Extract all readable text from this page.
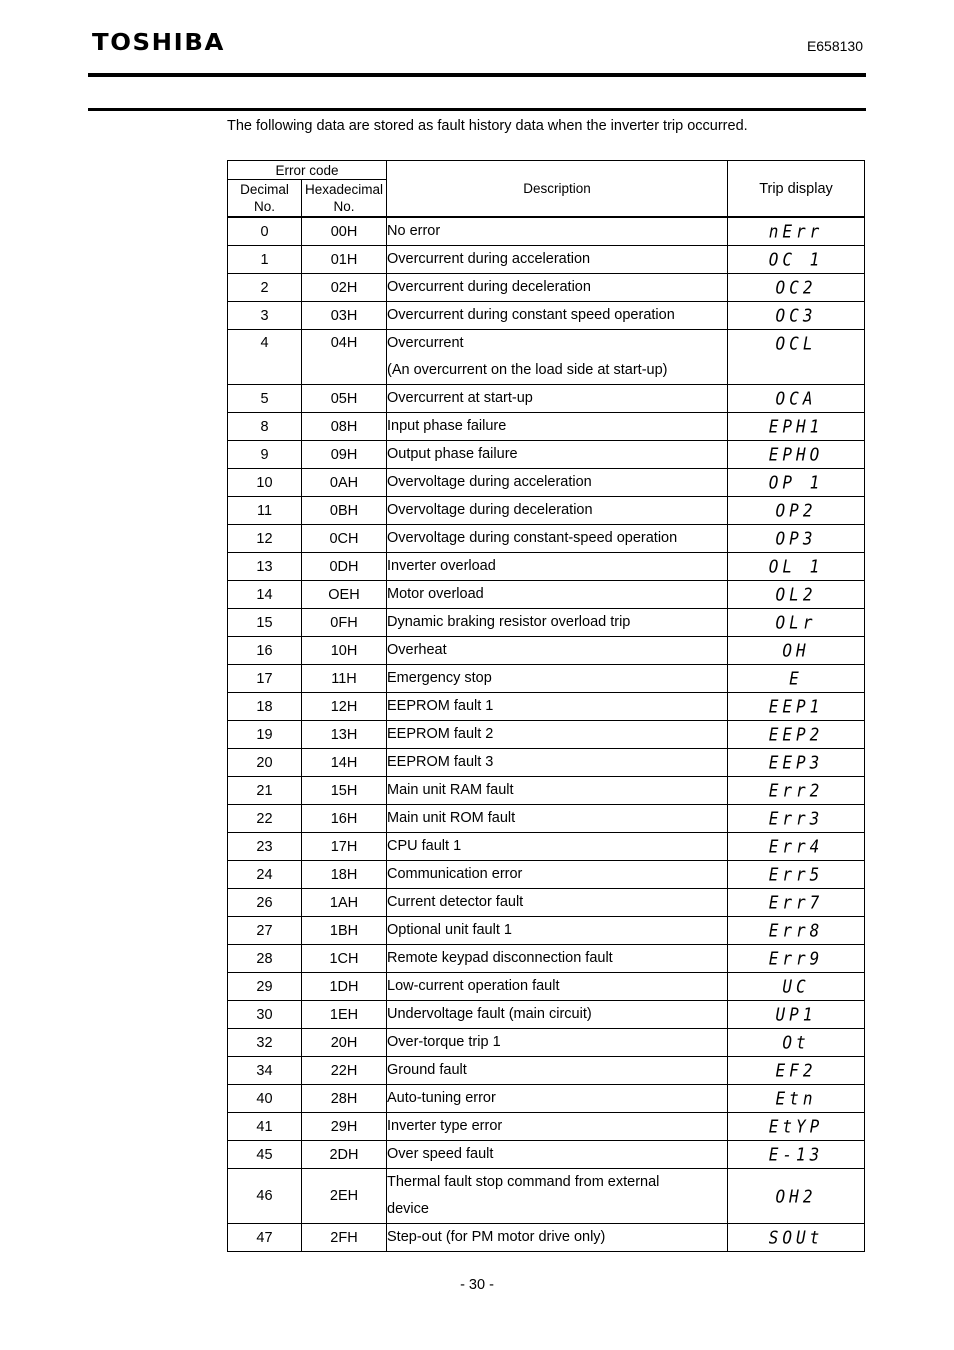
TOSHIBA	E658130
The following data are stored as fault history data when the inverter trip occurred.
Error code		Description	Trip display
Decimal No.	Hexadecimal No.		
0	00H	No error	nErr
1	01H	Overcurrent during acceleration	OC 1
2	02H	Overcurrent during deceleration	OC2
3	03H	Overcurrent during constant speed operation	OC3
4	04H	Overcurrent
(An overcurrent on the load side at start-up)	OCL
5	05H	Overcurrent at start-up	OCA
8	08H	Input phase failure	EPH1
9	09H	Output phase failure	EPHO
10	0AH	Overvoltage during acceleration	OP 1
11	0BH	Overvoltage during deceleration	OP2
12	0CH	Overvoltage during constant-speed operation	OP3
13	0DH	Inverter overload	OL 1
14	OEH	Motor overload	OL2
15	0FH	Dynamic braking resistor overload trip	OLr
16	10H	Overheat	OH
17	11H	Emergency stop	E
18	12H	EEPROM fault 1	EEP1
19	13H	EEPROM fault 2	EEP2
20	14H	EEPROM fault 3	EEP3
21	15H	Main unit RAM fault	Err2
22	16H	Main unit ROM fault	Err3
23	17H	CPU fault 1	Err4
24	18H	Communication error	Err5
26	1AH	Current detector fault	Err7
27	1BH	Optional unit fault 1	Err8
28	1CH	Remote keypad disconnection fault	Err9
29	1DH	Low-current operation fault	UC
30	1EH	Undervoltage fault (main circuit)	UP1
32	20H	Over-torque trip 1	Ot
34	22H	Ground fault	EF2
40	28H	Auto-tuning error	Etn
41	29H	Inverter type error	EtYP
45	2DH	Over speed fault	E-13
46	2EH	Thermal fault stop command from external
device	OH2
47	2FH	Step-out (for PM motor drive only)	SOUt
- 30 -
